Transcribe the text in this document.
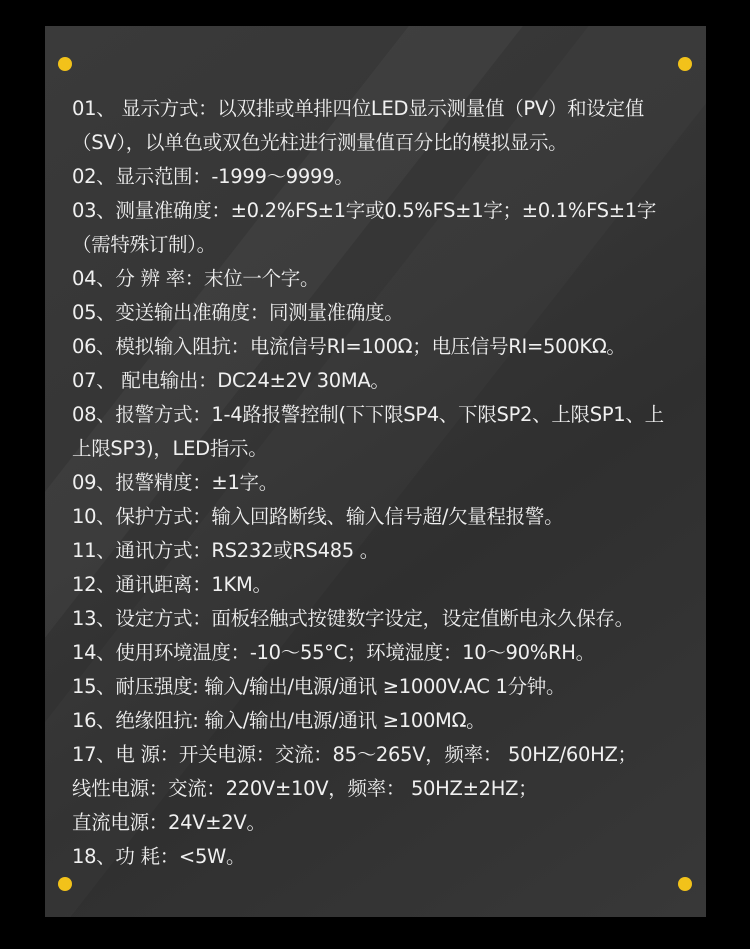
01、 显示方式：以双排或单排四位LED显示测量值（PV）和设定值
（SV），以单色或双色光柱进行测量值百分比的模拟显示。
02、显示范围：-1999～9999。
03、测量准确度：±0.2%FS±1字或0.5%FS±1字；±0.1%FS±1字
（需特殊订制）。
04、分 辨 率：末位一个字。
05、变送输出准确度：同测量准确度。
06、模拟输入阻抗：电流信号RI=100Ω；电压信号RI=500KΩ。
07、 配电输出：DC24±2V 30MA。
08、报警方式：1-4路报警控制(下下限SP4、下限SP2、上限SP1、上
上限SP3)，LED指示。
09、报警精度：±1字。
10、保护方式：输入回路断线、输入信号超/欠量程报警。
11、通讯方式：RS232或RS485 。
12、通讯距离：1KM。
13、设定方式：面板轻触式按键数字设定，设定值断电永久保存。
14、使用环境温度：-10～55°C；环境湿度：10～90%RH。
15、耐压强度: 输入/输出/电源/通讯 ≥1000V.AC 1分钟。
16、绝缘阻抗: 输入/输出/电源/通讯 ≥100MΩ。
17、电 源：开关电源：交流：85～265V，频率： 50HZ/60HZ；
线性电源：交流：220V±10V，频率： 50HZ±2HZ；
直流电源：24V±2V。
18、功 耗：<5W。
